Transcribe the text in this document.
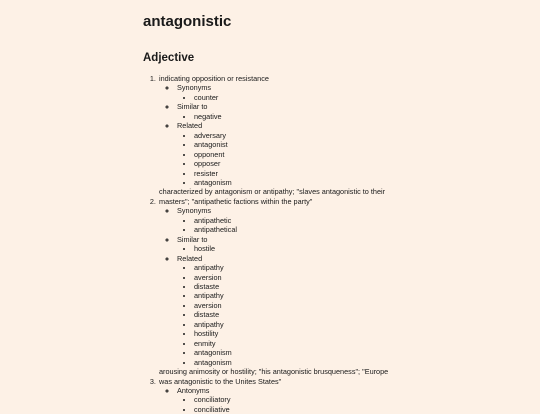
antagonistic
Adjective
1. indicating opposition or resistance
◦ Synonyms
• counter
◦ Similar to
• negative
◦ Related
• adversary
• antagonist
• opponent
• opposer
• resister
• antagonism
2. characterized by antagonism or antipathy; "slaves antagonistic to their masters"; "antipathetic factions within the party"
◦ Synonyms
• antipathetic
• antipathetical
◦ Similar to
• hostile
◦ Related
• antipathy
• aversion
• distaste
• antipathy
• aversion
• distaste
• antipathy
• hostility
• enmity
• antagonism
• antagonism
3. arousing animosity or hostility; "his antagonistic brusqueness"; "Europe was antagonistic to the Unites States"
◦ Antonyms
• conciliatory
• conciliative
